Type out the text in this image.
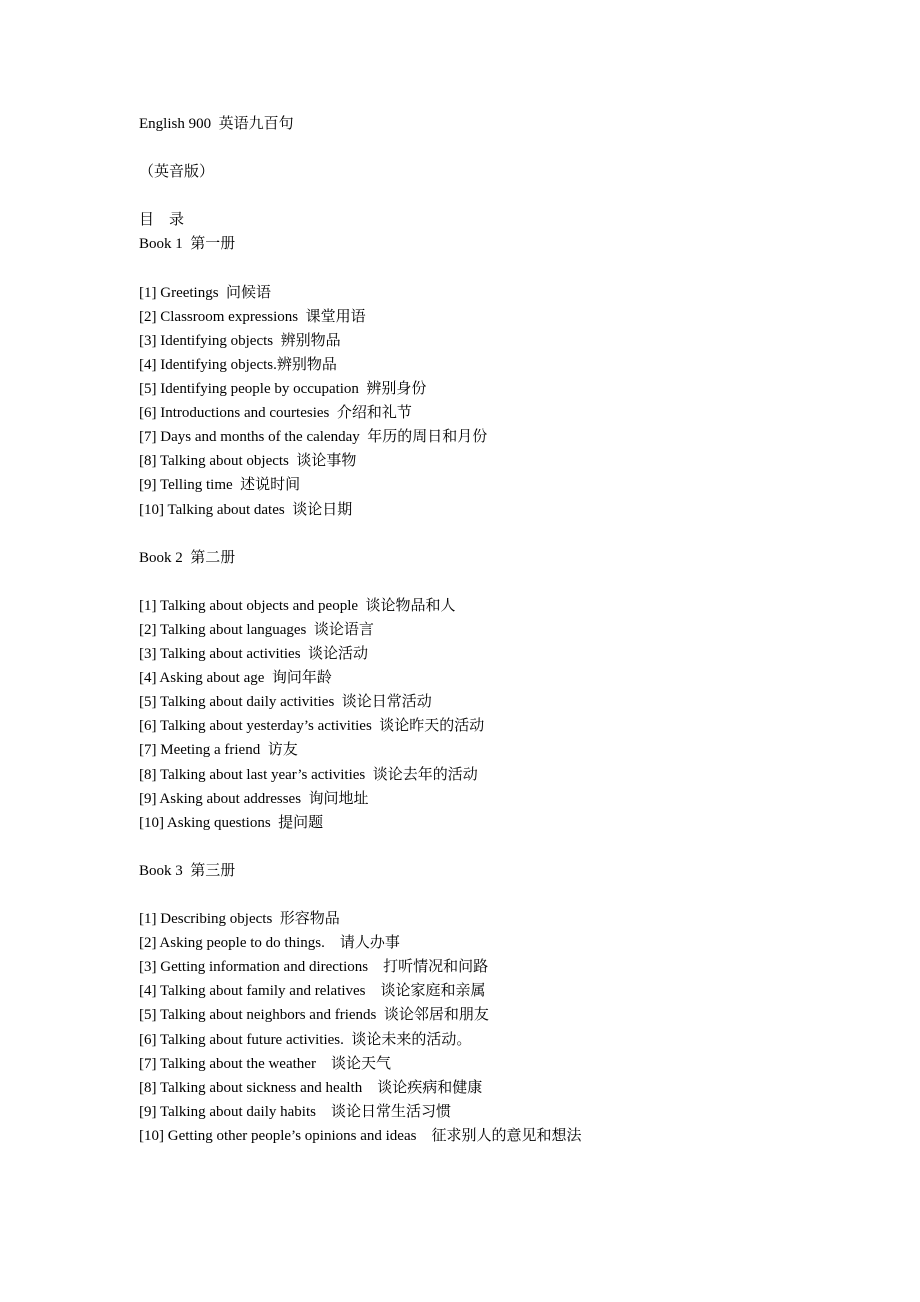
English 900  英语九百句
（英音版）
目    录
Book 1  第一册
[1] Greetings  问候语
[2] Classroom expressions  课堂用语
[3] Identifying objects  辨别物品
[4] Identifying objects.辨别物品
[5] Identifying people by occupation  辨别身份
[6] Introductions and courtesies  介绍和礼节
[7] Days and months of the calenday  年历的周日和月份
[8] Talking about objects  谈论事物
[9] Telling time  述说时间
[10] Talking about dates  谈论日期
Book 2  第二册
[1] Talking about objects and people  谈论物品和人
[2] Talking about languages  谈论语言
[3] Talking about activities  谈论活动
[4] Asking about age  询问年龄
[5] Talking about daily activities  谈论日常活动
[6] Talking about yesterday’s activities  谈论昨天的活动
[7] Meeting a friend  访友
[8] Talking about last year’s activities  谈论去年的活动
[9] Asking about addresses  询问地址
[10] Asking questions  提问题
Book 3  第三册
[1] Describing objects  形容物品
[2] Asking people to do things.    请人办事
[3] Getting information and directions    打听情况和问路
[4] Talking about family and relatives    谈论家庭和亲属
[5] Talking about neighbors and friends  谈论邻居和朋友
[6] Talking about future activities.  谈论未来的活动。
[7] Talking about the weather    谈论天气
[8] Talking about sickness and health    谈论疾病和健康
[9] Talking about daily habits    谈论日常生活习惯
[10] Getting other people’s opinions and ideas    征求别人的意见和想法
